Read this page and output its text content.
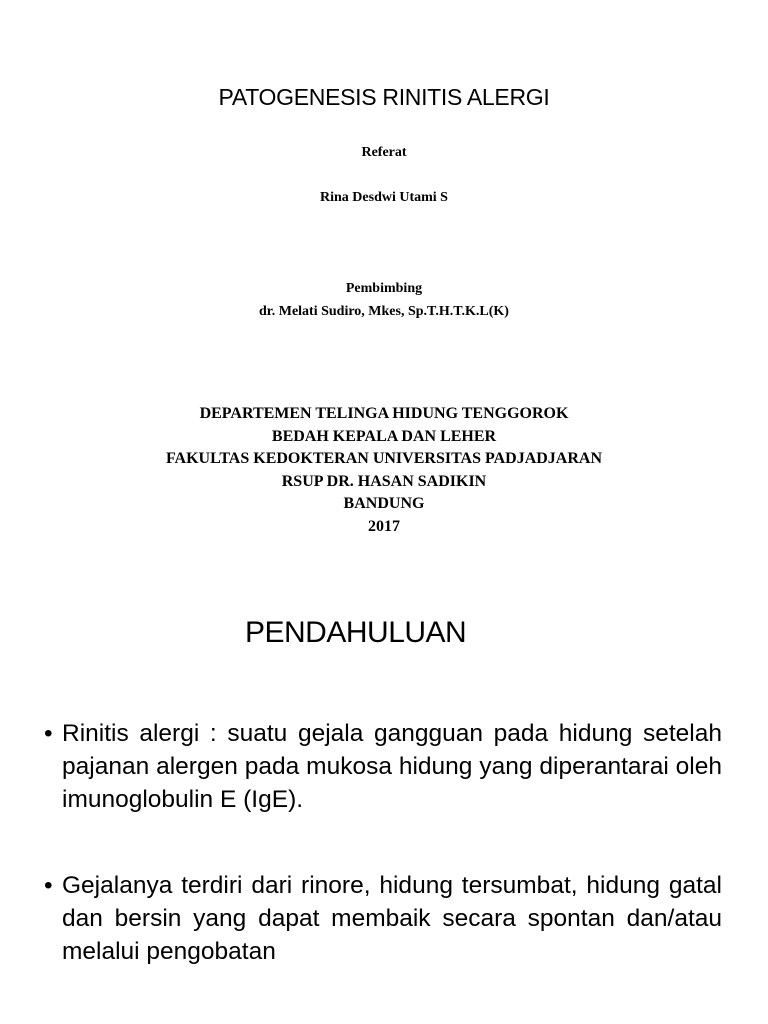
PATOGENESIS RINITIS ALERGI
Referat
Rina Desdwi Utami S
Pembimbing
dr. Melati Sudiro, Mkes, Sp.T.H.T.K.L(K)
DEPARTEMEN TELINGA HIDUNG TENGGOROK
BEDAH KEPALA DAN LEHER
FAKULTAS KEDOKTERAN UNIVERSITAS PADJADJARAN
RSUP DR. HASAN SADIKIN
BANDUNG
2017
PENDAHULUAN
• Rinitis alergi : suatu gejala gangguan pada hidung setelah pajanan alergen pada mukosa hidung yang diperantarai oleh imunoglobulin E (IgE).
• Gejalanya terdiri dari rinore, hidung tersumbat, hidung gatal dan bersin yang dapat membaik secara spontan dan/atau melalui pengobatan
